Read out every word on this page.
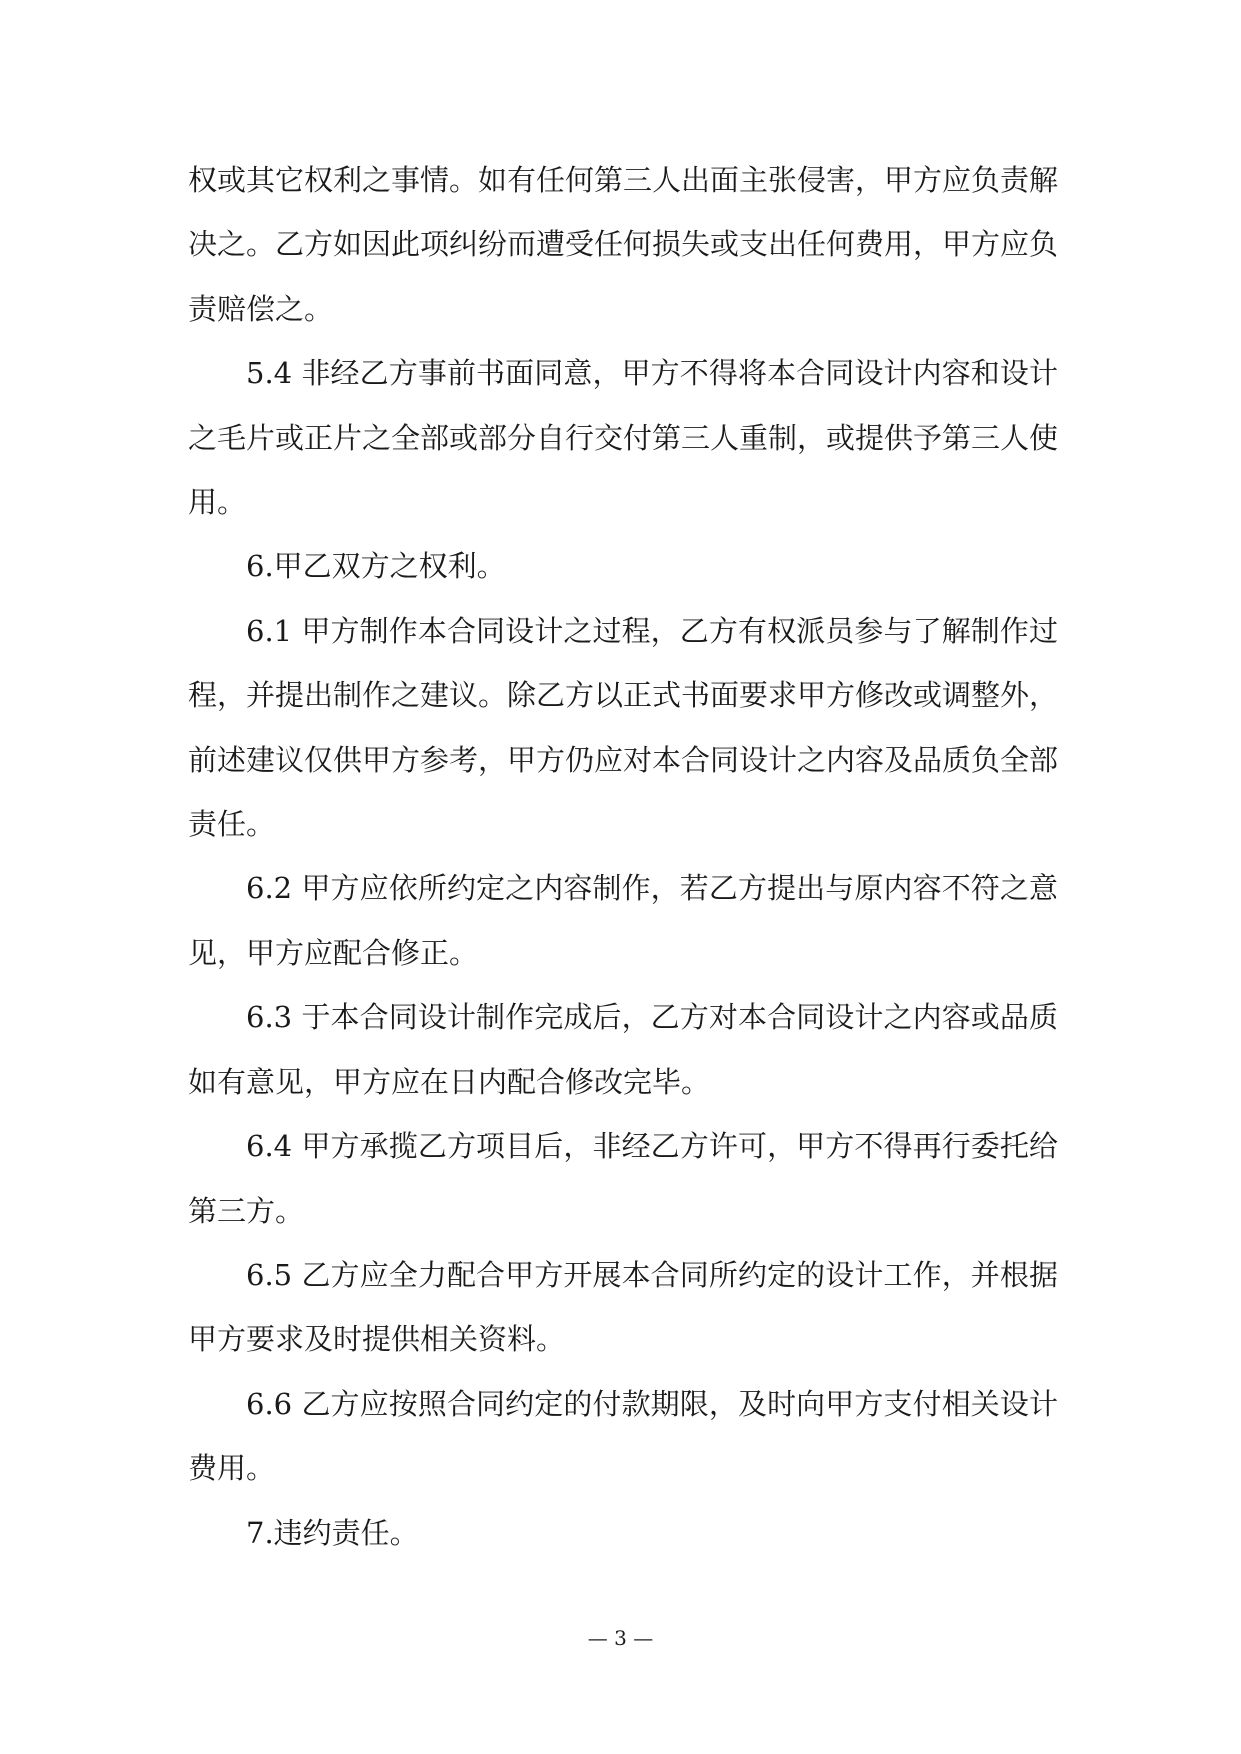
权或其它权利之事情。如有任何第三人出面主张侵害，甲方应负责解决之。乙方如因此项纠纷而遭受任何损失或支出任何费用，甲方应负责赔偿之。

5.4 非经乙方事前书面同意，甲方不得将本合同设计内容和设计之毛片或正片之全部或部分自行交付第三人重制，或提供予第三人使用。

6.甲乙双方之权利。

6.1 甲方制作本合同设计之过程，乙方有权派员参与了解制作过程，并提出制作之建议。除乙方以正式书面要求甲方修改或调整外，前述建议仅供甲方参考，甲方仍应对本合同设计之内容及品质负全部责任。

6.2 甲方应依所约定之内容制作，若乙方提出与原内容不符之意见，甲方应配合修正。

6.3 于本合同设计制作完成后，乙方对本合同设计之内容或品质如有意见，甲方应在日内配合修改完毕。

6.4 甲方承揽乙方项目后，非经乙方许可，甲方不得再行委托给第三方。

6.5 乙方应全力配合甲方开展本合同所约定的设计工作，并根据甲方要求及时提供相关资料。

6.6 乙方应按照合同约定的付款期限，及时向甲方支付相关设计费用。

7.违约责任。

— 3 —
